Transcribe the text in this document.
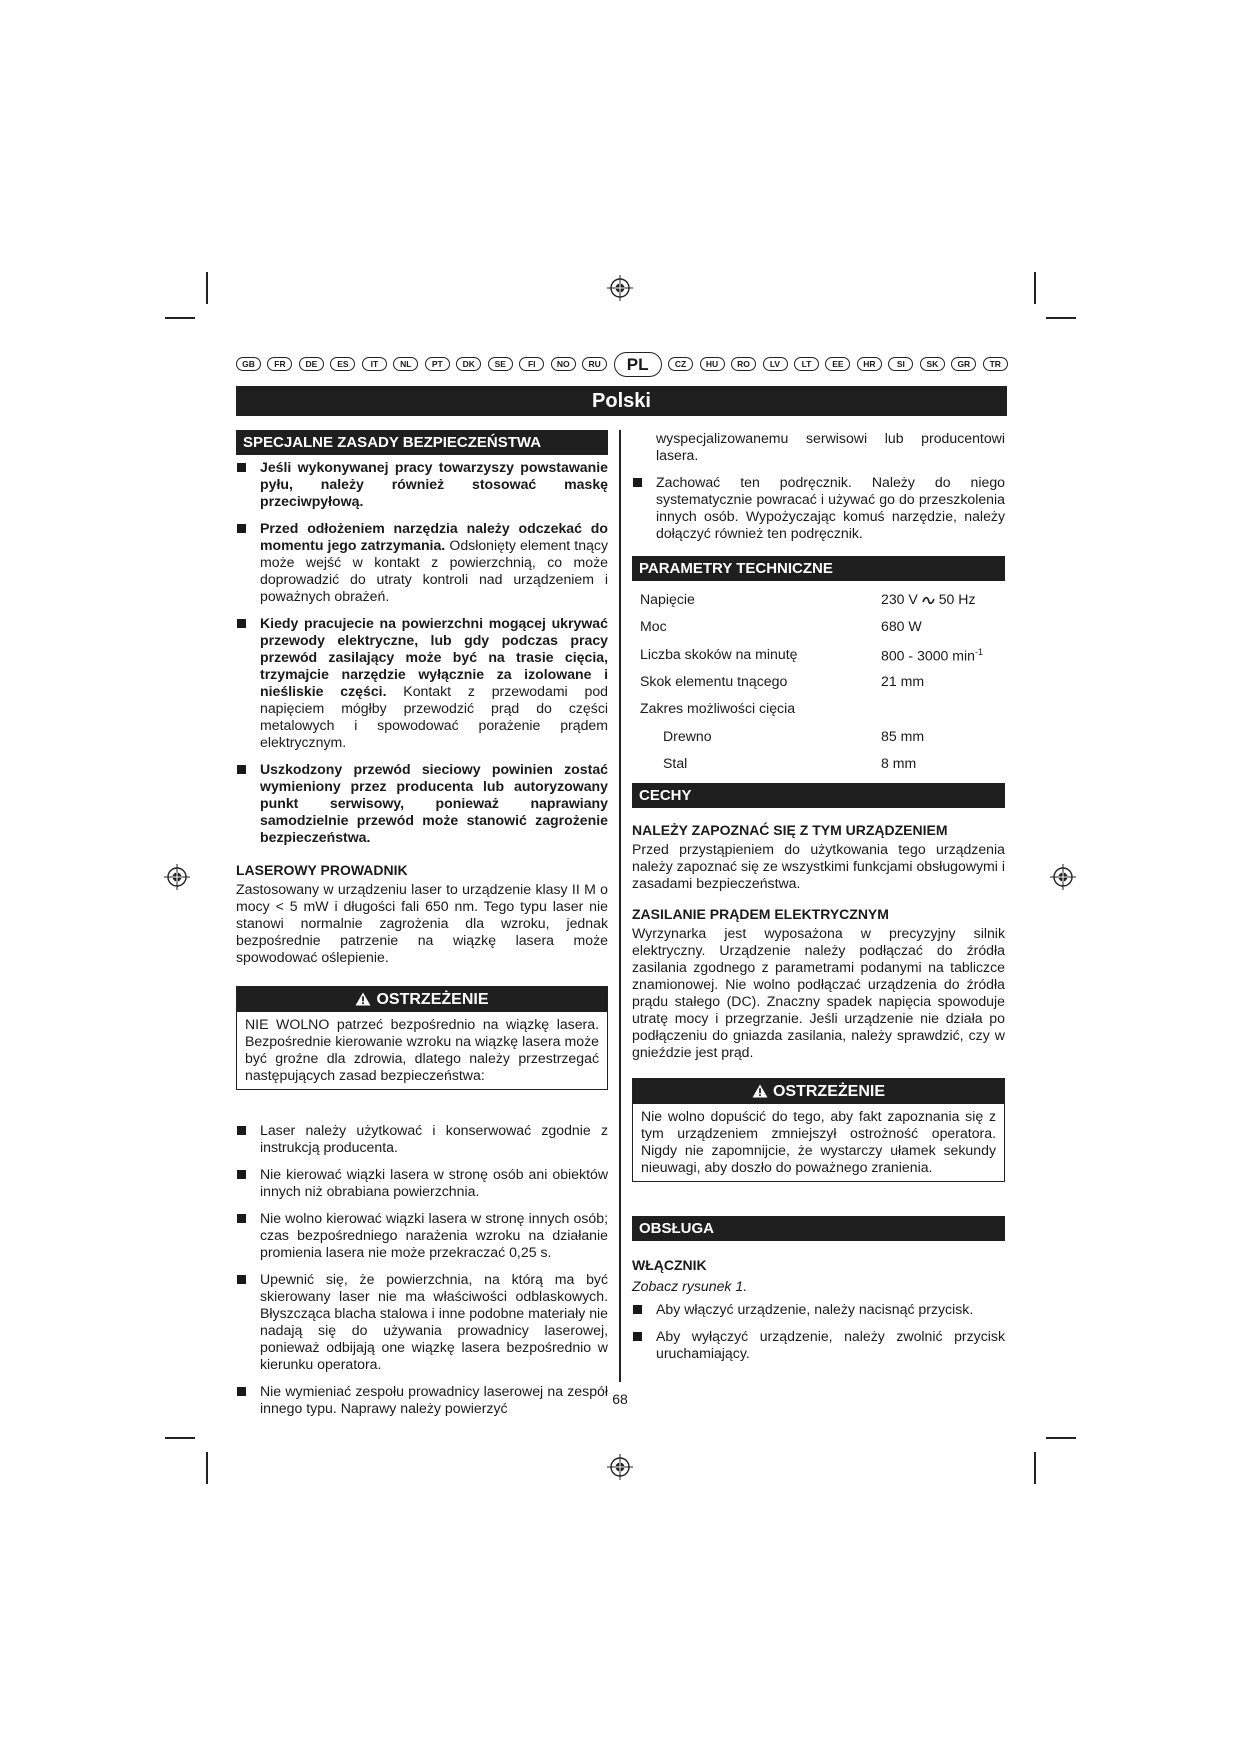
GB	FR	DE	ES	IT	NL	PT	DK	SE	FI	NO	RU	PL	CZ	HU	RO	LV	LT	EE	HR	SI	SK	GR	TR
Polski
SPECJALNE ZASADY BEZPIECZEŃSTWA
Jeśli wykonywanej pracy towarzyszy powstawanie pyłu, należy również stosować maskę przeciwpyłową.
Przed odłożeniem narzędzia należy odczekać do momentu jego zatrzymania. Odsłonięty element tnący może wejść w kontakt z powierzchnią, co może doprowadzić do utraty kontroli nad urządzeniem i poważnych obrażeń.
Kiedy pracujecie na powierzchni mogącej ukrywać przewody elektryczne, lub gdy podczas pracy przewód zasilający może być na trasie cięcia, trzymajcie narzędzie wyłącznie za izolowane i nieśliskie części. Kontakt z przewodami pod napięciem mógłby przewodzić prąd do części metalowych i spowodować porażenie prądem elektrycznym.
Uszkodzony przewód sieciowy powinien zostać wymieniony przez producenta lub autoryzowany punkt serwisowy, ponieważ naprawiany samodzielnie przewód może stanowić zagrożenie bezpieczeństwa.
LASEROWY PROWADNIK
Zastosowany w urządzeniu laser to urządzenie klasy II M o mocy < 5 mW i długości fali 650 nm. Tego typu laser nie stanowi normalnie zagrożenia dla wzroku, jednak bezpośrednie patrzenie na wiązkę lasera może spowodować oślepienie.
OSTRZEŻENIE
NIE WOLNO patrzeć bezpośrednio na wiązkę lasera. Bezpośrednie kierowanie wzroku na wiązkę lasera może być groźne dla zdrowia, dlatego należy przestrzegać następujących zasad bezpieczeństwa:
Laser należy użytkować i konserwować zgodnie z instrukcją producenta.
Nie kierować wiązki lasera w stronę osób ani obiektów innych niż obrabiana powierzchnia.
Nie wolno kierować wiązki lasera w stronę innych osób; czas bezpośredniego narażenia wzroku na działanie promienia lasera nie może przekraczać 0,25 s.
Upewnić się, że powierzchnia, na którą ma być skierowany laser nie ma właściwości odblaskowych. Błyszcząca blacha stalowa i inne podobne materiały nie nadają się do używania prowadnicy laserowej, ponieważ odbijają one wiązkę lasera bezpośrednio w kierunku operatora.
Nie wymieniać zespołu prowadnicy laserowej na zespół innego typu. Naprawy należy powierzyć
wyspecjalizowanemu serwisowi lub producentowi lasera.
Zachować ten podręcznik. Należy do niego systematycznie powracać i używać go do przeszkolenia innych osób. Wypożyczając komuś narzędzie, należy dołączyć również ten podręcznik.
PARAMETRY TECHNICZNE
Napięcie	230 V 50 Hz
Moc	680 W
Liczba skoków na minutę	800 - 3000 $\min^{-1}$
Skok elementu tnącego	21 mm
Zakres możliwości cięcia	
Drewno	85 mm
Stal	8 mm
CECHY
NALEŻY ZAPOZNAĆ SIĘ Z TYM URZĄDZENIEM
Przed przystąpieniem do użytkowania tego urządzenia należy zapoznać się ze wszystkimi funkcjami obsługowymi i zasadami bezpieczeństwa.
ZASILANIE PRĄDEM ELEKTRYCZNYM
Wyrzynarka jest wyposażona w precyzyjny silnik elektryczny. Urządzenie należy podłączać do źródła zasilania zgodnego z parametrami podanymi na tabliczce znamionowej. Nie wolno podłączać urządzenia do źródła prądu stałego (DC). Znaczny spadek napięcia spowoduje utratę mocy i przegrzanie. Jeśli urządzenie nie działa po podłączeniu do gniazda zasilania, należy sprawdzić, czy w gnieździe jest prąd.
OSTRZEŻENIE
Nie wolno dopuścić do tego, aby fakt zapoznania się z tym urządzeniem zmniejszył ostrożność operatora. Nigdy nie zapomnijcie, że wystarczy ułamek sekundy nieuwagi, aby doszło do poważnego zranienia.
OBSŁUGA
WŁĄCZNIK
Zobacz rysunek 1.
Aby włączyć urządzenie, należy nacisnąć przycisk.
Aby wyłączyć urządzenie, należy zwolnić przycisk uruchamiający.
68
